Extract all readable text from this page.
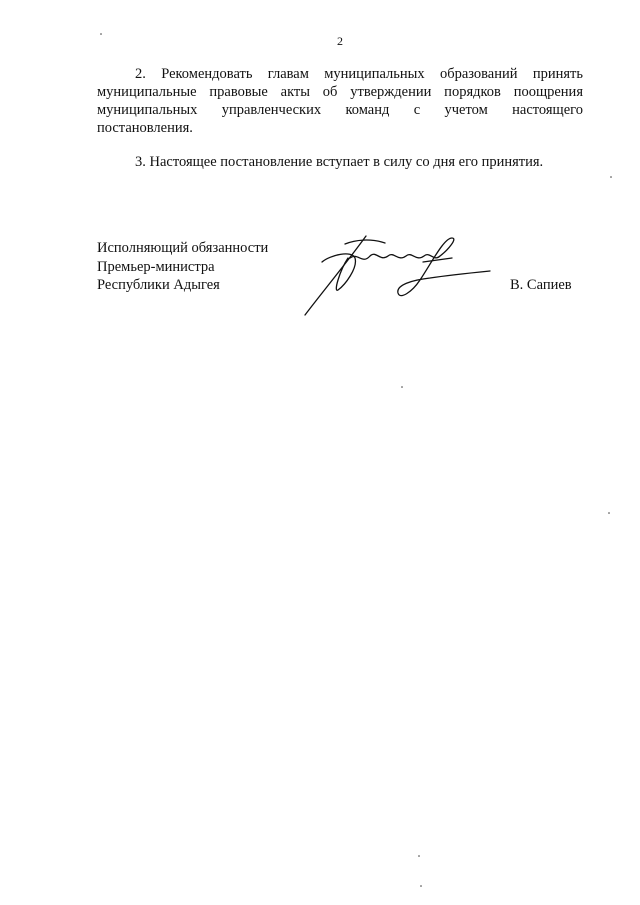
2
2. Рекомендовать главам муниципальных образований принять
муниципальные правовые акты об утверждении порядков поощрения
муниципальных управленческих команд с учетом настоящего
постановления.
3. Настоящее постановление вступает в силу со дня его принятия.
Исполняющий обязанности
Премьер-министра
Республики Адыгея	В. Сапиев
